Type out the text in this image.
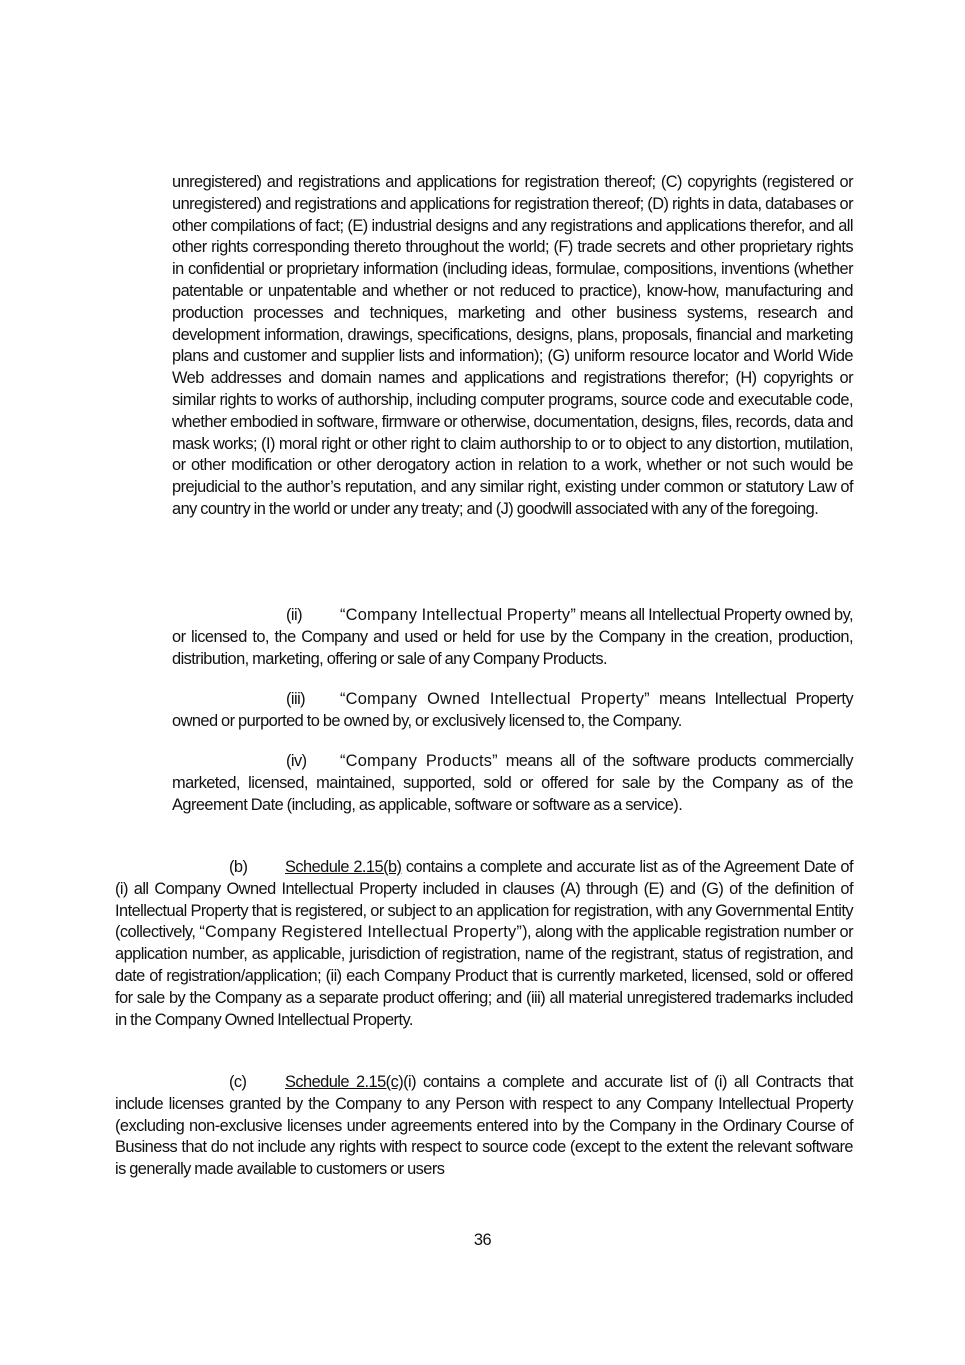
unregistered) and registrations and applications for registration thereof; (C) copyrights (registered or unregistered) and registrations and applications for registration thereof; (D) rights in data, databases or other compilations of fact; (E) industrial designs and any registrations and applications therefor, and all other rights corresponding thereto throughout the world; (F) trade secrets and other proprietary rights in confidential or proprietary information (including ideas, formulae, compositions, inventions (whether patentable or unpatentable and whether or not reduced to practice), know-how, manufacturing and production processes and techniques, marketing and other business systems, research and development information, drawings, specifications, designs, plans, proposals, financial and marketing plans and customer and supplier lists and information); (G) uniform resource locator and World Wide Web addresses and domain names and applications and registrations therefor; (H) copyrights or similar rights to works of authorship, including computer programs, source code and executable code, whether embodied in software, firmware or otherwise, documentation, designs, files, records, data and mask works; (I) moral right or other right to claim authorship to or to object to any distortion, mutilation, or other modification or other derogatory action in relation to a work, whether or not such would be prejudicial to the author’s reputation, and any similar right, existing under common or statutory Law of any country in the world or under any treaty; and (J) goodwill associated with any of the foregoing.

(ii) “Company Intellectual Property” means all Intellectual Property owned by, or licensed to, the Company and used or held for use by the Company in the creation, production, distribution, marketing, offering or sale of any Company Products.

(iii) “Company Owned Intellectual Property” means Intellectual Property owned or purported to be owned by, or exclusively licensed to, the Company.

(iv) “Company Products” means all of the software products commercially marketed, licensed, maintained, supported, sold or offered for sale by the Company as of the Agreement Date (including, as applicable, software or software as a service).

(b) Schedule 2.15(b) contains a complete and accurate list as of the Agreement Date of (i) all Company Owned Intellectual Property included in clauses (A) through (E) and (G) of the definition of Intellectual Property that is registered, or subject to an application for registration, with any Governmental Entity (collectively, “Company Registered Intellectual Property”), along with the applicable registration number or application number, as applicable, jurisdiction of registration, name of the registrant, status of registration, and date of registration/application; (ii) each Company Product that is currently marketed, licensed, sold or offered for sale by the Company as a separate product offering; and (iii) all material unregistered trademarks included in the Company Owned Intellectual Property.

(c) Schedule 2.15(c)(i) contains a complete and accurate list of (i) all Contracts that include licenses granted by the Company to any Person with respect to any Company Intellectual Property (excluding non-exclusive licenses under agreements entered into by the Company in the Ordinary Course of Business that do not include any rights with respect to source code (except to the extent the relevant software is generally made available to customers or users

36
